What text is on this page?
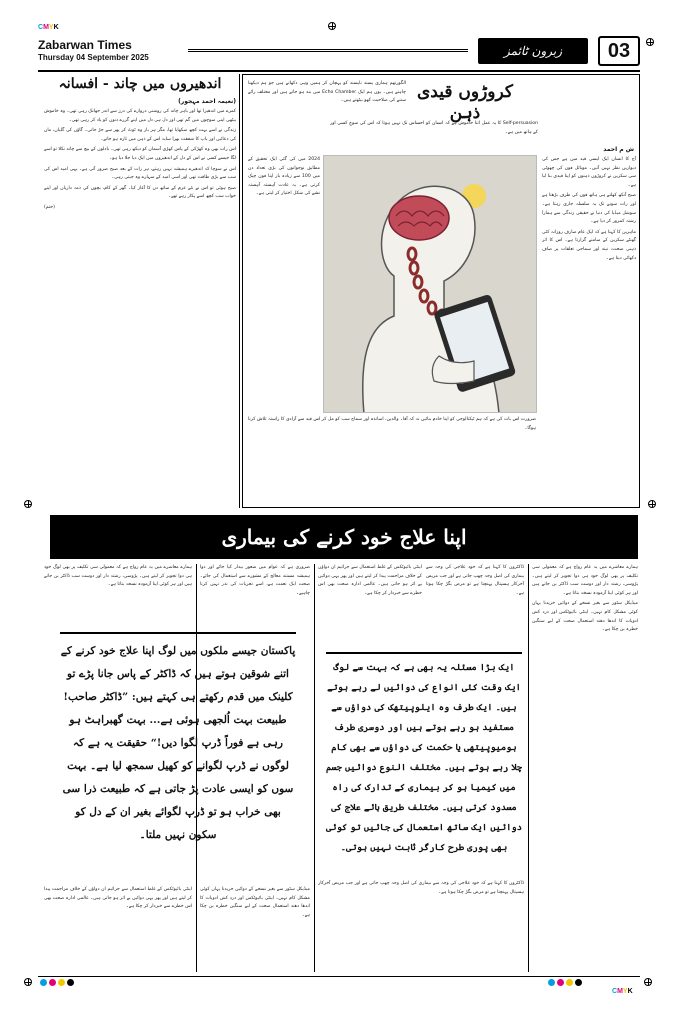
CMYK
CMYK
Zabarwan Times
Thursday 04 September 2025	زبرون ٹائمز	03
اندھیروں میں چاند - افسانہ
(نعیمہ احمد مہجور)

کمرے میں اندھیرا تھا اور باہر چاند کی روشنی دروازے کی درز سے اندر جھانک رہی تھی۔ وہ خاموش بیٹھی اپنی سوچوں میں گم تھی اور دل ہی دل میں اپنے گزرے دنوں کو یاد کر رہی تھی۔

زندگی نے اسے بہت کچھ سکھایا تھا، مگر ہر بار وہ ٹوٹ کر پھر سے جڑ جاتی۔ گاؤں کی گلیاں، ماں کی دعائیں اور باپ کا شفقت بھرا سایہ اس کے ذہن میں تازہ ہو جاتے۔

اس رات بھی وہ کھڑکی کے پاس کھڑی آسمان کو دیکھ رہی تھی۔ بادلوں کے بیچ سے چاند نکلا تو اسے لگا جیسے کسی نے اس کے دل کے اندھیروں میں ایک دیا جلا دیا ہو۔

اس نے سوچا کہ اندھیرے ہمیشہ نہیں رہتے، ہر رات کے بعد صبح ضرور آتی ہے۔ یہی امید اس کی سب سے بڑی طاقت تھی اور اسی امید کے سہارے وہ جیتی رہی۔

صبح ہوئی تو اس نے نئے عزم کے ساتھ دن کا آغاز کیا۔ گھر کے کام، بچوں کی ذمہ داریاں اور اپنے خواب سب کچھ اسے پکار رہے تھے۔

(ختم)

کروڑوں قیدی ذہن
ش م احمد

آج کا انسان ایک ایسی قید میں ہے جس کی دیواریں نظر نہیں آتیں۔ موبائل فون کی چھوٹی سی سکرین نے کروڑوں ذہنوں کو اپنا قیدی بنا لیا ہے۔

صبح آنکھ کھلتے ہی ہاتھ فون کی طرف بڑھتا ہے اور رات سونے تک یہ سلسلہ جاری رہتا ہے۔ سوشل میڈیا کی دنیا نے حقیقی زندگی سے ہمارا رشتہ کمزور کر دیا ہے۔

ماہرین کا کہنا ہے کہ ایک عام صارف روزانہ کئی گھنٹے سکرین کے سامنے گزارتا ہے۔ اس کا اثر ذہنی صحت، نیند اور سماجی تعلقات پر صاف دکھائی دیتا ہے۔

الگورتھم ہماری پسند ناپسند کو پہچان کر ہمیں وہی دکھاتے ہیں جو ہم دیکھنا چاہتے ہیں۔ یوں ہم ایک Echo Chamber میں بند ہو جاتے ہیں اور مختلف رائے سننے کی صلاحیت کھو بیٹھتے ہیں۔

Self-persuasion کا یہ عمل اتنا خاموش ہے کہ انسان کو احساس تک نہیں ہوتا کہ اس کی سوچ کسی اور کے ہاتھ میں ہے۔

2024 میں کی گئی ایک تحقیق کے مطابق نوجوانوں کی بڑی تعداد دن میں 100 سے زیادہ بار اپنا فون چیک کرتی ہے۔ یہ عادت آہستہ آہستہ نشے کی شکل اختیار کر لیتی ہے۔

ضرورت اس بات کی ہے کہ ہم ٹیکنالوجی کو اپنا خادم بنائیں نہ کہ آقا۔ والدین، اساتذہ اور سماج سب کو مل کر اس قید سے آزادی کا راستہ تلاش کرنا ہوگا۔

اپنا علاج خود کرنے کی بیماری

ہمارے معاشرے میں یہ عام رواج ہے کہ معمولی سی تکلیف پر بھی لوگ خود ہی دوا تجویز کر لیتے ہیں۔ پڑوسی، رشتہ دار اور دوست سب ڈاکٹر بن جاتے ہیں اور ہر کوئی اپنا آزمودہ نسخہ بتاتا ہے۔

میڈیکل سٹور سے بغیر نسخے کے دوائیں خریدنا یہاں کوئی مشکل کام نہیں۔ اینٹی بائیوٹکس اور درد کش ادویات کا اندھا دھند استعمال صحت کے لیے سنگین خطرہ بن چکا ہے۔

ڈاکٹروں کا کہنا ہے کہ خود علاجی کی وجہ سے بیماری کی اصل وجہ چھپ جاتی ہے اور جب مریض آخرکار ہسپتال پہنچتا ہے تو مرض بگڑ چکا ہوتا ہے۔

اینٹی بائیوٹکس کے غلط استعمال سے جراثیم ان دواؤں کے خلاف مزاحمت پیدا کر لیتے ہیں اور پھر یہی دوائیں بے اثر ہو جاتی ہیں۔ عالمی ادارہ صحت بھی اس خطرے سے خبردار کر چکا ہے۔

ضروری ہے کہ عوام میں شعور بیدار کیا جائے اور دوا ہمیشہ مستند معالج کے مشورے سے استعمال کی جائے۔ صحت ایک نعمت ہے، اسے تجربات کی نذر نہیں کرنا چاہیے۔

ہمارے معاشرے میں یہ عام رواج ہے کہ معمولی سی تکلیف پر بھی لوگ خود ہی دوا تجویز کر لیتے ہیں۔ پڑوسی، رشتہ دار اور دوست سب ڈاکٹر بن جاتے ہیں اور ہر کوئی اپنا آزمودہ نسخہ بتاتا ہے۔

پاکستان جیسے ملکوں میں لوگ اپنا علاج خود کرنے کے اتنے شوقین ہوتے ہیں کہ ڈاکٹر کے پاس جانا پڑے تو کلینک میں قدم رکھتے ہی کہتے ہیں: ”ڈاکٹر صاحب! طبیعت بہت اُلجھی ہوئی ہے... بہت گھبراہٹ ہو رہی ہے فوراً ڈرپ لگوا دیں!“ حقیقت یہ ہے کہ لوگوں نے ڈرپ لگوانے کو کھیل سمجھ لیا ہے۔ بہت سوں کو ایسی عادت پڑ جاتی ہے کہ طبیعت ذرا سی بھی خراب ہو تو ڈرپ لگوائے بغیر ان کے دل کو سکون نہیں ملتا۔
ایک بڑا مسئلہ یہ بھی ہے کہ بہت سے لوگ ایک وقت کئی انواع کی دوائیں لے رہے ہوتے ہیں۔ ایک طرف وہ ایلوپیتھک کی دواؤں سے مستفید ہو رہے ہوتے ہیں اور دوسری طرف ہومیوپیتھی یا حکمت کی دواؤں سے بھی کام چلا رہے ہوتے ہیں۔ مختلف النوع دوائیں جسم میں کیمیا ہو کر بیماری کے تدارک کی راہ مسدود کرتی ہیں۔ مختلف طریق ہائے علاج کی دوائیں ایک ساتھ استعمال کی جائیں تو کوئی بھی پوری طرح کارگر ثابت نہیں ہوتی۔

اینٹی بائیوٹکس کے غلط استعمال سے جراثیم ان دواؤں کے خلاف مزاحمت پیدا کر لیتے ہیں اور پھر یہی دوائیں بے اثر ہو جاتی ہیں۔ عالمی ادارہ صحت بھی اس خطرے سے خبردار کر چکا ہے۔

میڈیکل سٹور سے بغیر نسخے کے دوائیں خریدنا یہاں کوئی مشکل کام نہیں۔ اینٹی بائیوٹکس اور درد کش ادویات کا اندھا دھند استعمال صحت کے لیے سنگین خطرہ بن چکا ہے۔

ڈاکٹروں کا کہنا ہے کہ خود علاجی کی وجہ سے بیماری کی اصل وجہ چھپ جاتی ہے اور جب مریض آخرکار ہسپتال پہنچتا ہے تو مرض بگڑ چکا ہوتا ہے۔
